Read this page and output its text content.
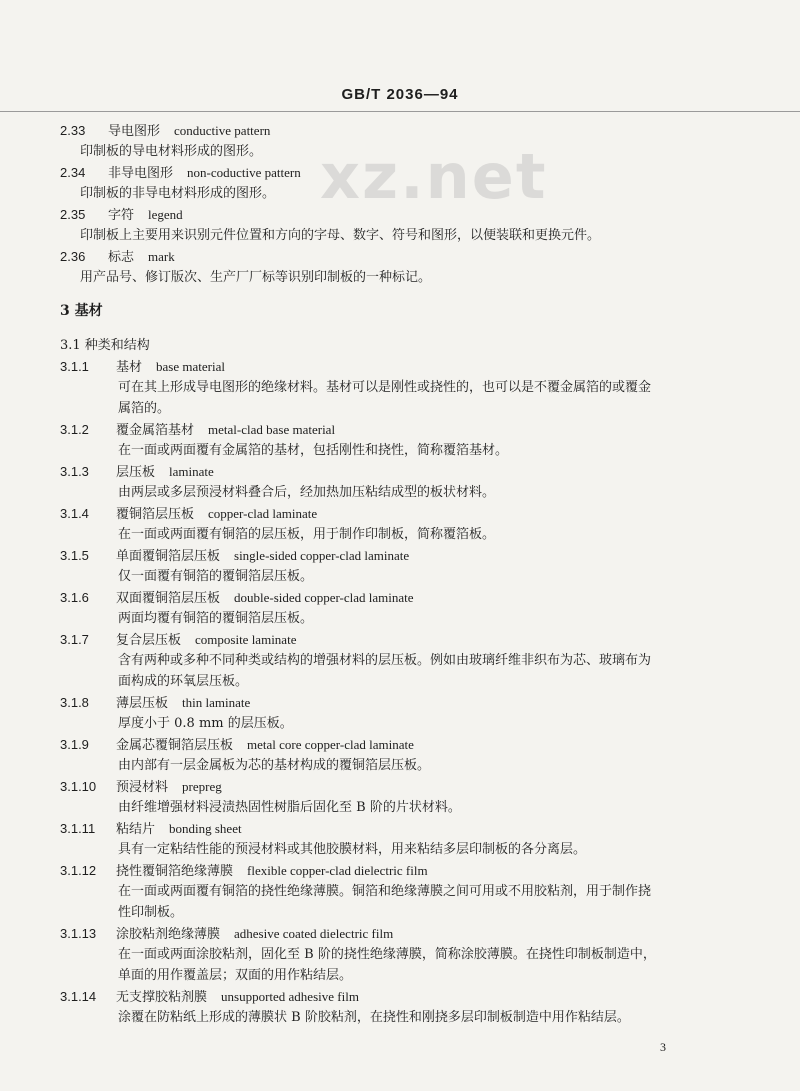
GB/T 2036—94
xz.net
2.33 导电图形 conductive pattern
印制板的导电材料形成的图形。
2.34 非导电图形 non-coductive pattern
印制板的非导电材料形成的图形。
2.35 字符 legend
印制板上主要用来识别元件位置和方向的字母、数字、符号和图形，以便装联和更换元件。
2.36 标志 mark
用产品号、修订版次、生产厂厂标等识别印制板的一种标记。
3 基材
3.1 种类和结构
3.1.1 基材 base material
可在其上形成导电图形的绝缘材料。基材可以是刚性或挠性的，也可以是不覆金属箔的或覆金
属箔的。
3.1.2 覆金属箔基材 metal-clad base material
在一面或两面覆有金属箔的基材，包括刚性和挠性，简称覆箔基材。
3.1.3 层压板 laminate
由两层或多层预浸材料叠合后，经加热加压粘结成型的板状材料。
3.1.4 覆铜箔层压板 copper-clad laminate
在一面或两面覆有铜箔的层压板，用于制作印制板，简称覆箔板。
3.1.5 单面覆铜箔层压板 single-sided copper-clad laminate
仅一面覆有铜箔的覆铜箔层压板。
3.1.6 双面覆铜箔层压板 double-sided copper-clad laminate
两面均覆有铜箔的覆铜箔层压板。
3.1.7 复合层压板 composite laminate
含有两种或多种不同种类或结构的增强材料的层压板。例如由玻璃纤维非织布为芯、玻璃布为
面构成的环氧层压板。
3.1.8 薄层压板 thin laminate
厚度小于 0.8 mm 的层压板。
3.1.9 金属芯覆铜箔层压板 metal core copper-clad laminate
由内部有一层金属板为芯的基材构成的覆铜箔层压板。
3.1.10 预浸材料 prepreg
由纤维增强材料浸渍热固性树脂后固化至 B 阶的片状材料。
3.1.11 粘结片 bonding sheet
具有一定粘结性能的预浸材料或其他胶膜材料，用来粘结多层印制板的各分离层。
3.1.12 挠性覆铜箔绝缘薄膜 flexible copper-clad dielectric film
在一面或两面覆有铜箔的挠性绝缘薄膜。铜箔和绝缘薄膜之间可用或不用胶粘剂，用于制作挠
性印制板。
3.1.13 涂胶粘剂绝缘薄膜 adhesive coated dielectric film
在一面或两面涂胶粘剂，固化至 B 阶的挠性绝缘薄膜，简称涂胶薄膜。在挠性印制板制造中，
单面的用作覆盖层；双面的用作粘结层。
3.1.14 无支撑胶粘剂膜 unsupported adhesive film
涂覆在防粘纸上形成的薄膜状 B 阶胶粘剂，在挠性和刚挠多层印制板制造中用作粘结层。
3
